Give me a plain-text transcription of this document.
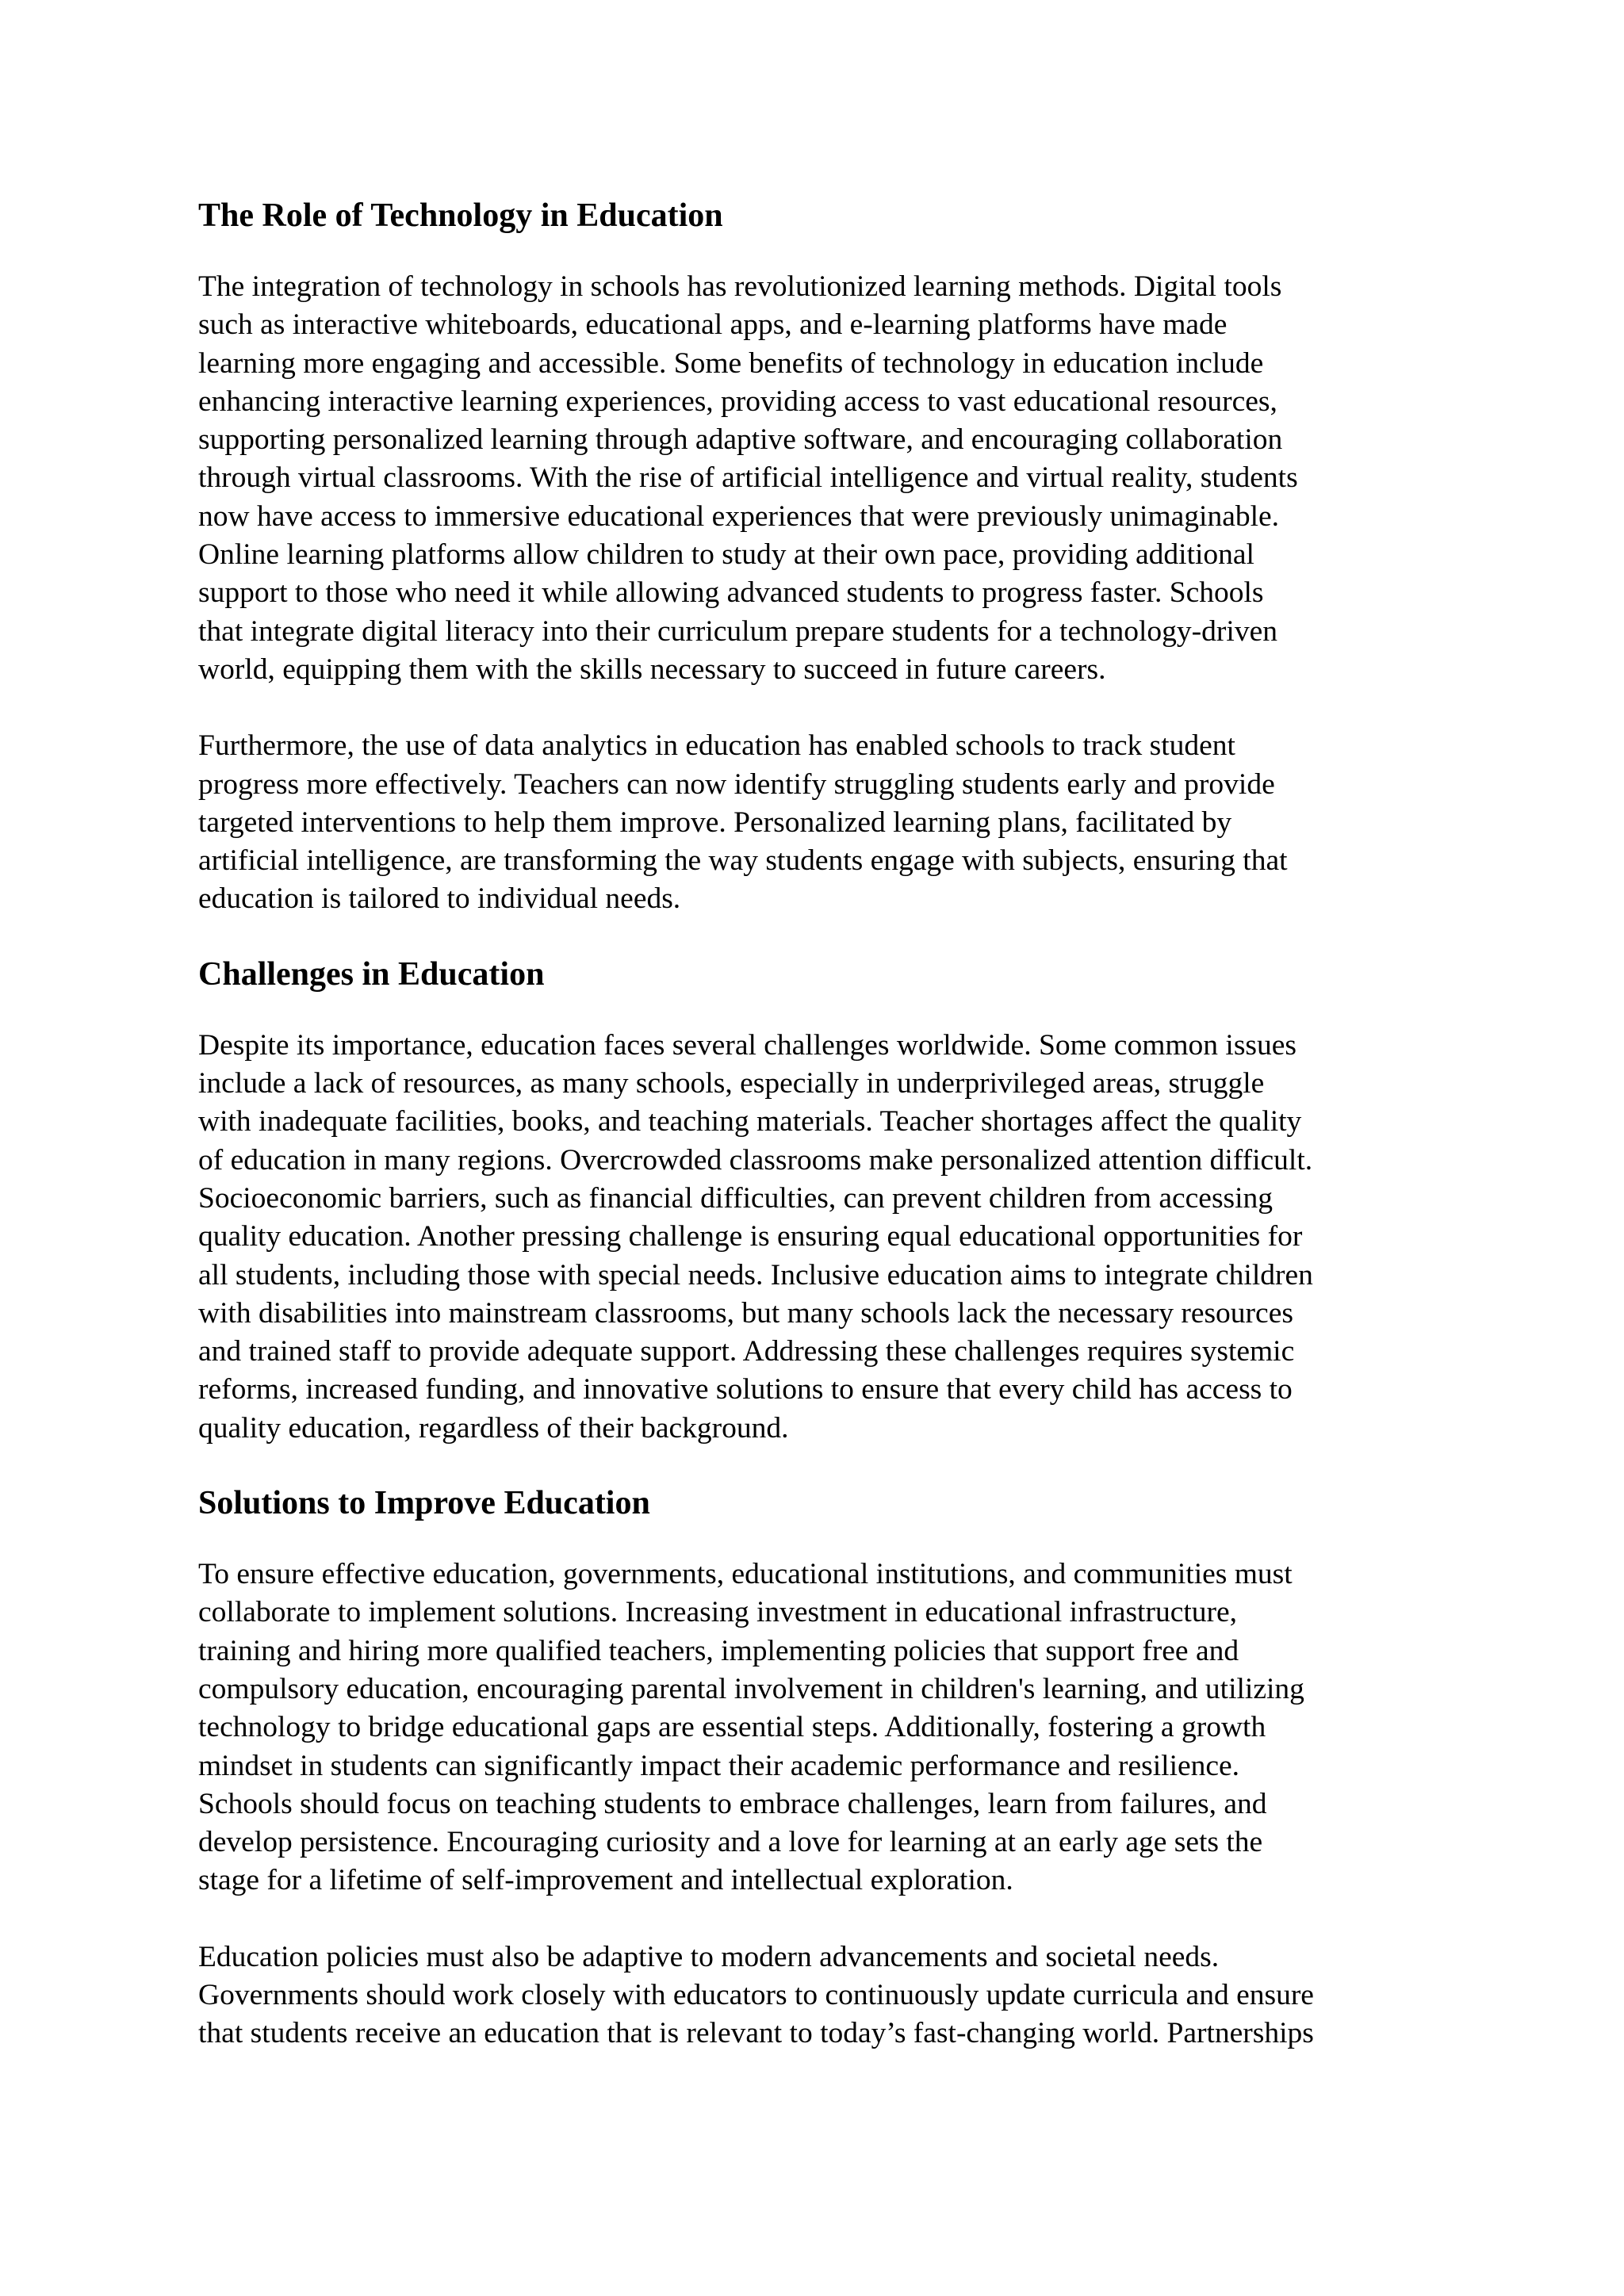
The Role of Technology in Education

The integration of technology in schools has revolutionized learning methods. Digital tools
such as interactive whiteboards, educational apps, and e-learning platforms have made
learning more engaging and accessible. Some benefits of technology in education include
enhancing interactive learning experiences, providing access to vast educational resources,
supporting personalized learning through adaptive software, and encouraging collaboration
through virtual classrooms. With the rise of artificial intelligence and virtual reality, students
now have access to immersive educational experiences that were previously unimaginable.
Online learning platforms allow children to study at their own pace, providing additional
support to those who need it while allowing advanced students to progress faster. Schools
that integrate digital literacy into their curriculum prepare students for a technology-driven
world, equipping them with the skills necessary to succeed in future careers.

Furthermore, the use of data analytics in education has enabled schools to track student
progress more effectively. Teachers can now identify struggling students early and provide
targeted interventions to help them improve. Personalized learning plans, facilitated by
artificial intelligence, are transforming the way students engage with subjects, ensuring that
education is tailored to individual needs.

Challenges in Education

Despite its importance, education faces several challenges worldwide. Some common issues
include a lack of resources, as many schools, especially in underprivileged areas, struggle
with inadequate facilities, books, and teaching materials. Teacher shortages affect the quality
of education in many regions. Overcrowded classrooms make personalized attention difficult.
Socioeconomic barriers, such as financial difficulties, can prevent children from accessing
quality education. Another pressing challenge is ensuring equal educational opportunities for
all students, including those with special needs. Inclusive education aims to integrate children
with disabilities into mainstream classrooms, but many schools lack the necessary resources
and trained staff to provide adequate support. Addressing these challenges requires systemic
reforms, increased funding, and innovative solutions to ensure that every child has access to
quality education, regardless of their background.

Solutions to Improve Education

To ensure effective education, governments, educational institutions, and communities must
collaborate to implement solutions. Increasing investment in educational infrastructure,
training and hiring more qualified teachers, implementing policies that support free and
compulsory education, encouraging parental involvement in children's learning, and utilizing
technology to bridge educational gaps are essential steps. Additionally, fostering a growth
mindset in students can significantly impact their academic performance and resilience.
Schools should focus on teaching students to embrace challenges, learn from failures, and
develop persistence. Encouraging curiosity and a love for learning at an early age sets the
stage for a lifetime of self-improvement and intellectual exploration.

Education policies must also be adaptive to modern advancements and societal needs.
Governments should work closely with educators to continuously update curricula and ensure
that students receive an education that is relevant to today’s fast-changing world. Partnerships
